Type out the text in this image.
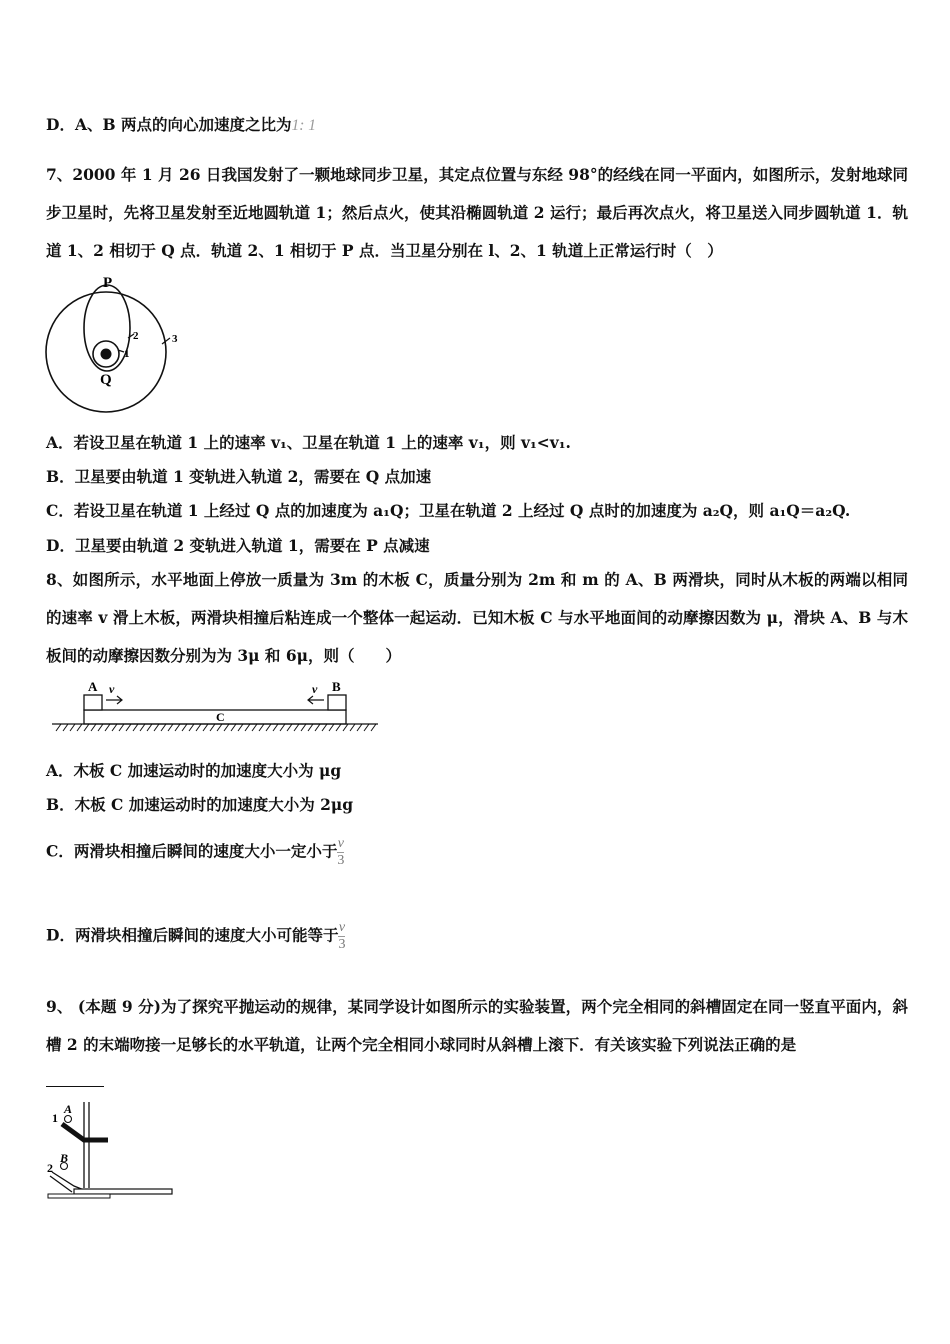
D．A、B 两点的向心加速度之比为1: 1
7、2000 年 1 月 26 日我国发射了一颗地球同步卫星，其定点位置与东经 98°的经线在同一平面内，如图所示，发射地球同步卫星时，先将卫星发射至近地圆轨道 1；然后点火，使其沿椭圆轨道 2 运行；最后再次点火，将卫星送入同步圆轨道 1．轨道 1、2 相切于 Q 点．轨道 2、1 相切于 P 点．当卫星分别在 l、2、1 轨道上正常运行时（　）
P
Q
1
2	3
A．若设卫星在轨道 1 上的速率 v₁、卫星在轨道 1 上的速率 v₁，则 v₁<v₁.
B．卫星要由轨道 1 变轨进入轨道 2，需要在 Q 点加速
C．若设卫星在轨道 1 上经过 Q 点的加速度为 a₁Q；卫星在轨道 2 上经过 Q 点时的加速度为 a₂Q，则 a₁Q＝a₂Q.
D．卫星要由轨道 2 变轨进入轨道 1，需要在 P 点减速
8、如图所示，水平地面上停放一质量为 3m 的木板 C，质量分别为 2m 和 m 的 A、B 两滑块，同时从木板的两端以相同的速率 v 滑上木板，两滑块相撞后粘连成一个整体一起运动．已知木板 C 与水平地面间的动摩擦因数为 μ，滑块 A、B 与木板间的动摩擦因数分别为为 3μ 和 6μ，则（　　）
A	B
C
v	v
A．木板 C 加速运动时的加速度大小为 μg
B．木板 C 加速运动时的加速度大小为 2μg
C．两滑块相撞后瞬间的速度大小一定小于 $\frac{v}{3}$
D．两滑块相撞后瞬间的速度大小可能等于 $\frac{v}{3}$
9、 (本题 9 分)为了探究平抛运动的规律，某同学设计如图所示的实验装置，两个完全相同的斜槽固定在同一竖直平面内，斜槽 2 的末端吻接一足够长的水平轨道，让两个完全相同小球同时从斜槽上滚下．有关该实验下列说法正确的是
1
A
2
B
